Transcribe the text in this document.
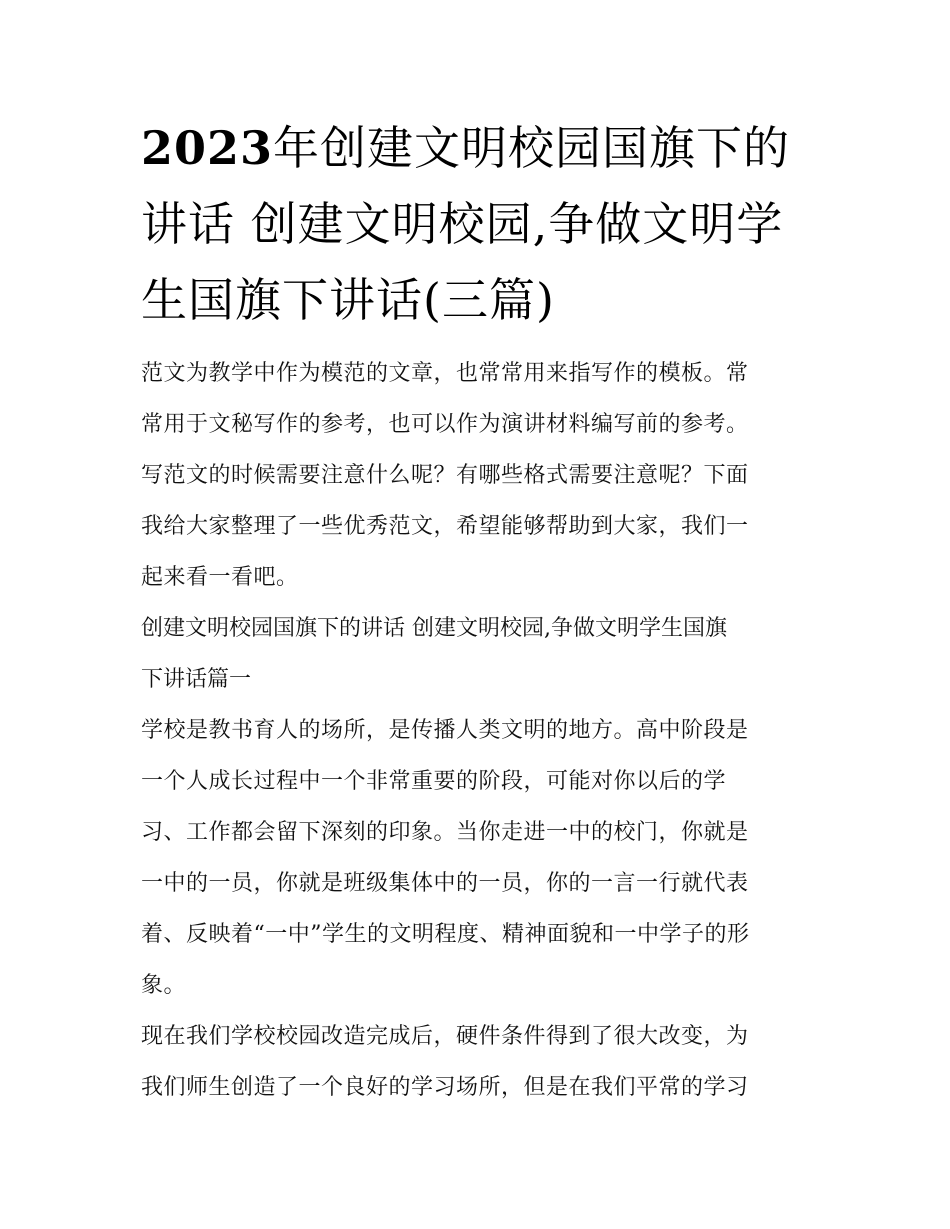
2023年创建文明校园国旗下的
讲话 创建文明校园,争做文明学
生国旗下讲话(三篇)
范文为教学中作为模范的文章，也常常用来指写作的模板。常
常用于文秘写作的参考，也可以作为演讲材料编写前的参考。
写范文的时候需要注意什么呢？有哪些格式需要注意呢？下面
我给大家整理了一些优秀范文，希望能够帮助到大家，我们一
起来看一看吧。
创建文明校园国旗下的讲话 创建文明校园,争做文明学生国旗
下讲话篇一
学校是教书育人的场所，是传播人类文明的地方。高中阶段是
一个人成长过程中一个非常重要的阶段，可能对你以后的学
习、工作都会留下深刻的印象。当你走进一中的校门，你就是
一中的一员，你就是班级集体中的一员，你的一言一行就代表
着、反映着“一中”学生的文明程度、精神面貌和一中学子的形
象。
现在我们学校校园改造完成后，硬件条件得到了很大改变，为
我们师生创造了一个良好的学习场所，但是在我们平常的学习
